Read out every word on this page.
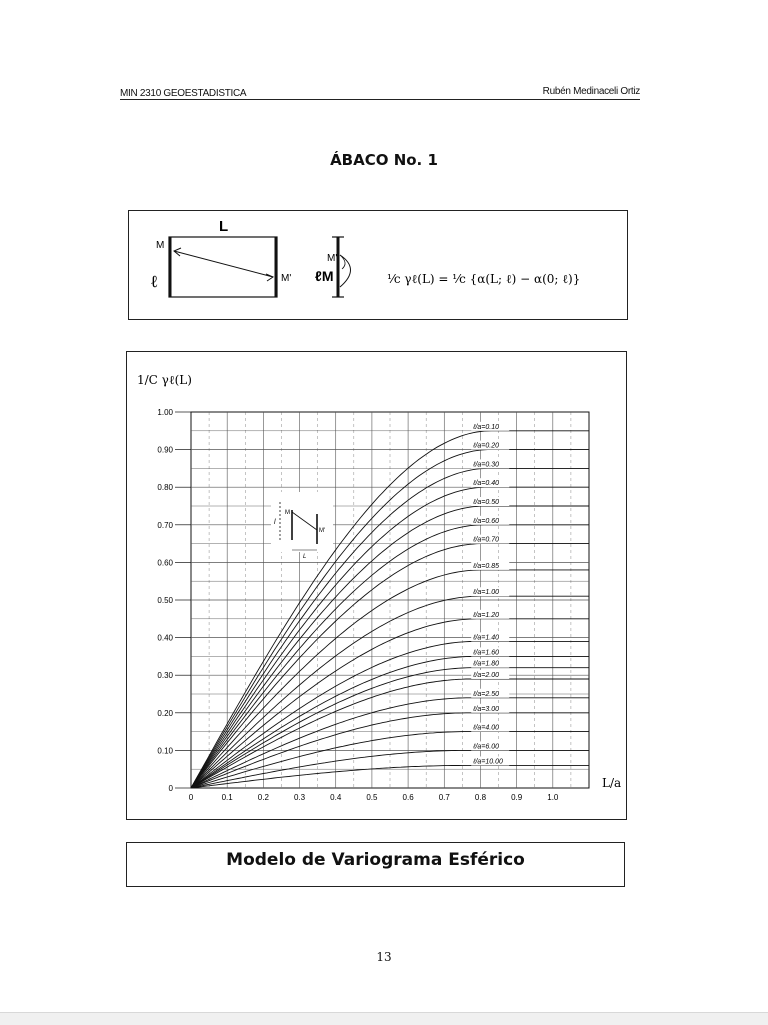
MIN 2310 GEOESTADISTICA	Rubén Medinaceli Ortiz
ÁBACO No. 1
L
M
ℓ	M'
M'
ℓM	¹⁄c γℓ(L) = ¹⁄c {α(L; ℓ) − α(0; ℓ)}
1/C γℓ(L)
L/a
0
0.10
0.20
0.30
0.40
0.50
0.60
0.70
0.80
0.90
1.00
0	0.1	0.2	0.3	0.4	0.5	0.6	0.7	0.8	0.9	1.0
ℓ/a=0.10
ℓ/a=0.20
ℓ/a=0.30
ℓ/a=0.40
ℓ/a=0.50
ℓ/a=0.60
ℓ/a=0.70
ℓ/a=0.85
ℓ/a=1.00
ℓ/a=1.20
ℓ/a=1.40
ℓ/a=1.60
ℓ/a=1.80
ℓ/a=2.00
ℓ/a=2.50
ℓ/a=3.00
ℓ/a=4.00
ℓ/a=6.00
ℓ/a=10.00
l
M
M'
L
Modelo de Variograma Esférico
13
